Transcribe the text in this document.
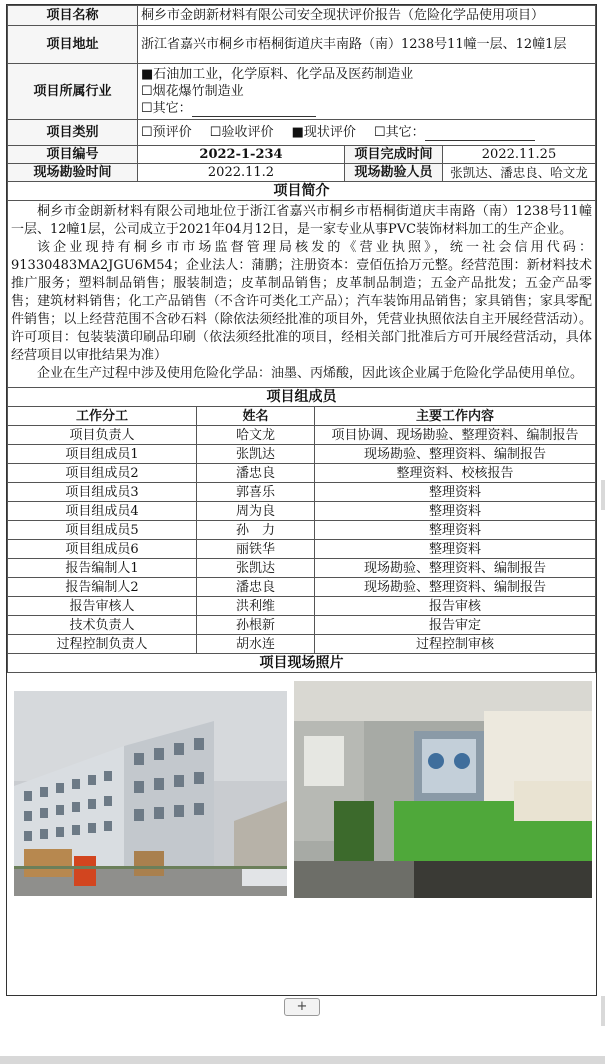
项目名称	桐乡市金朗新材料有限公司安全现状评价报告（危险化学品使用项目）		
项目地址	浙江省嘉兴市桐乡市梧桐街道庆丰南路（南）1238号11幢一层、12幢1层		
项目所属行业	■石油加工业，化学原料、化学品及医药制造业
☐烟花爆竹制造业
☐其它：		

项目类别	☐预评价 ☐验收评价 ■现状评价 ☐其它：		
项目编号	2022-1-234	项目完成时间	2022.11.25
现场勘验时间	2022.11.2	现场勘验人员	张凯达、潘忠良、哈文龙
项目简介			

桐乡市金朗新材料有限公司地址位于浙江省嘉兴市桐乡市梧桐街道庆丰南路（南）1238号11幢一层、12幢1层，公司成立于2021年04月12日，是一家专业从事PVC装饰材料加工的生产企业。

该企业现持有桐乡市市场监督管理局核发的《营业执照》，统一社会信用代码：91330483MA2JGU6M54；企业法人：蒲鹏；注册资本：壹佰伍拾万元整。经营范围：新材料技术推广服务；塑料制品销售；服装制造；皮革制品销售；皮革制品制造；五金产品批发；五金产品零售；建筑材料销售；化工产品销售（不含许可类化工产品）；汽车装饰用品销售；家具销售；家具零配件销售；以上经营范围不含砂石料（除依法须经批准的项目外，凭营业执照依法自主开展经营活动）。许可项目：包装装潢印刷品印刷（依法须经批准的项目，经相关部门批准后方可开展经营活动，具体经营项目以审批结果为准）

企业在生产过程中涉及使用危险化学品：油墨、丙烯酸，因此该企业属于危险化学品使用单位。			

项目组成员		
工作分工	姓名	主要工作内容
项目负责人	哈文龙	项目协调、现场勘验、整理资料、编制报告
项目组成员1	张凯达	现场勘验、整理资料、编制报告
项目组成员2	潘忠良	整理资料、校核报告
项目组成员3	郭喜乐	整理资料
项目组成员4	周为良	整理资料
项目组成员5	孙　力	整理资料
项目组成员6	丽铁华	整理资料
报告编制人1	张凯达	现场勘验、整理资料、编制报告
报告编制人2	潘忠良	现场勘验、整理资料、编制报告
报告审核人	洪利维	报告审核
技术负责人	孙根新	报告审定
过程控制负责人	胡水连	过程控制审核
项目现场照片		

+
